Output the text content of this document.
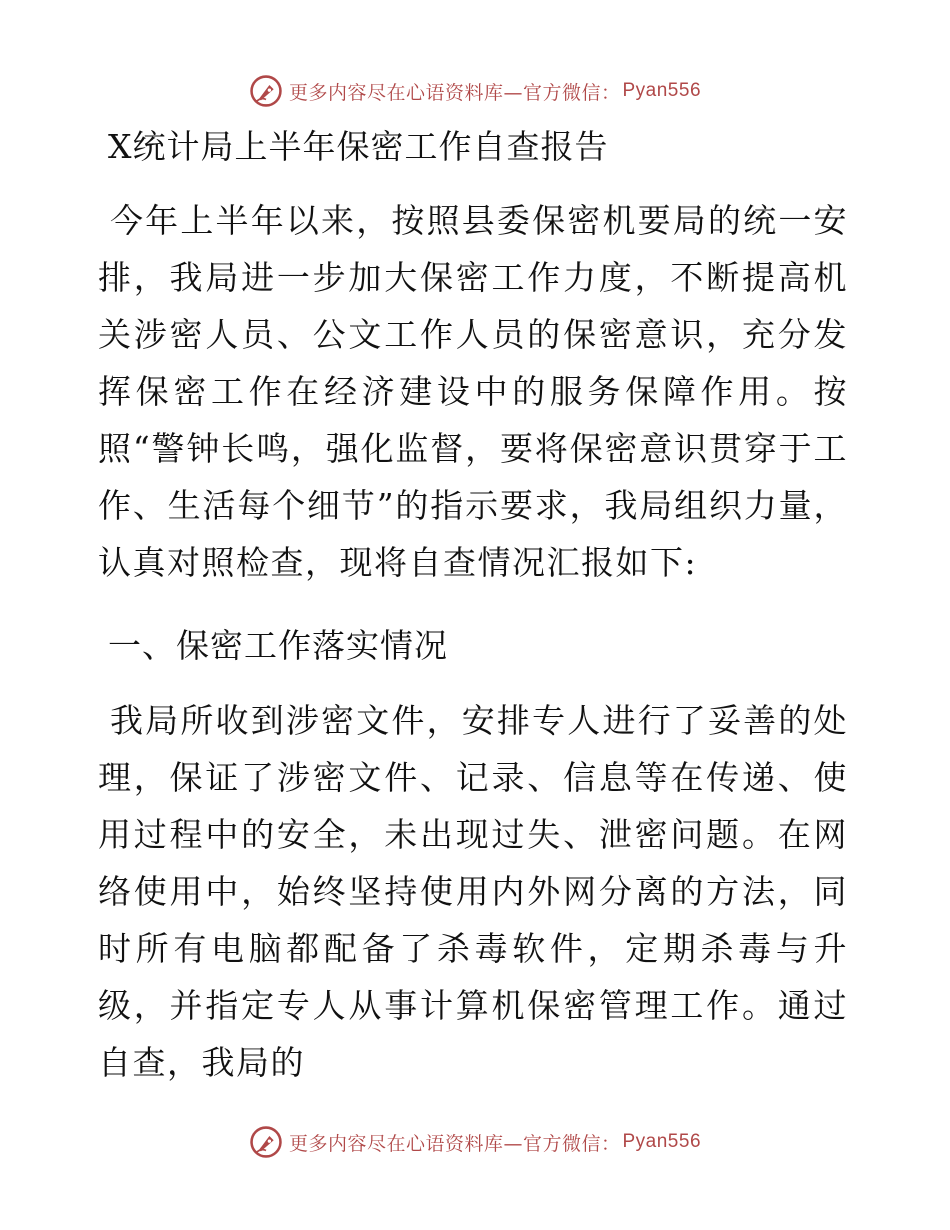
更多内容尽在心语资料库—官方微信： Pyan556
X统计局上半年保密工作自查报告

今年上半年以来，按照县委保密机要局的统一安排，我局进一步加大保密工作力度，不断提高机关涉密人员、公文工作人员的保密意识，充分发挥保密工作在经济建设中的服务保障作用。按照“警钟长鸣，强化监督，要将保密意识贯穿于工作、生活每个细节”的指示要求，我局组织力量，认真对照检查，现将自查情况汇报如下:

一、保密工作落实情况

我局所收到涉密文件，安排专人进行了妥善的处理，保证了涉密文件、记录、信息等在传递、使用过程中的安全，未出现过失、泄密问题。在网络使用中，始终坚持使用内外网分离的方法，同时所有电脑都配备了杀毒软件，定期杀毒与升级，并指定专人从事计算机保密管理工作。通过自查，我局的

更多内容尽在心语资料库—官方微信： Pyan556
